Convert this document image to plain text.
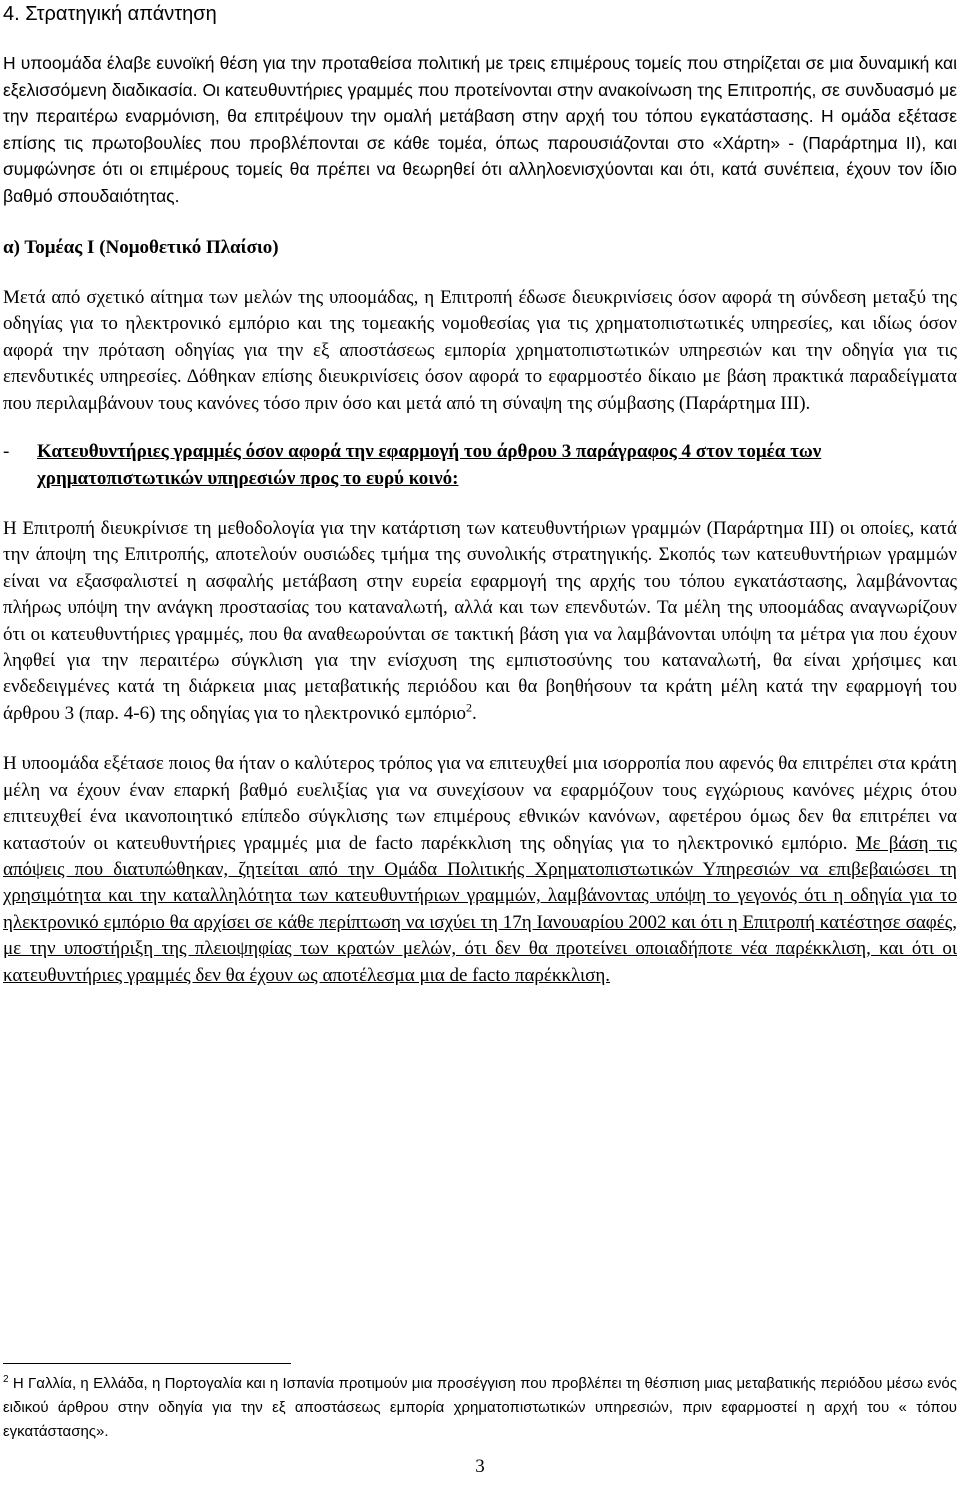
4. Στρατηγική απάντηση

Η υποομάδα έλαβε ευνοϊκή θέση για την προταθείσα πολιτική με τρεις επιμέρους τομείς που στηρίζεται σε μια δυναμική και εξελισσόμενη διαδικασία. Οι κατευθυντήριες γραμμές που προτείνονται στην ανακοίνωση της Επιτροπής, σε συνδυασμό με την περαιτέρω εναρμόνιση, θα επιτρέψουν την ομαλή μετάβαση στην αρχή του τόπου εγκατάστασης. Η ομάδα εξέτασε επίσης τις πρωτοβουλίες που προβλέπονται σε κάθε τομέα, όπως παρουσιάζονται στο «Χάρτη» - (Παράρτημα II), και συμφώνησε ότι οι επιμέρους τομείς θα πρέπει να θεωρηθεί ότι αλληλοενισχύονται και ότι, κατά συνέπεια, έχουν τον ίδιο βαθμό σπουδαιότητας.

α) Τομέας Ι (Νομοθετικό Πλαίσιο)

Μετά από σχετικό αίτημα των μελών της υποομάδας, η Επιτροπή έδωσε διευκρινίσεις όσον αφορά τη σύνδεση μεταξύ της οδηγίας για το ηλεκτρονικό εμπόριο και της τομεακής νομοθεσίας για τις χρηματοπιστωτικές υπηρεσίες, και ιδίως όσον αφορά την πρόταση οδηγίας για την εξ αποστάσεως εμπορία χρηματοπιστωτικών υπηρεσιών και την οδηγία για τις επενδυτικές υπηρεσίες. Δόθηκαν επίσης διευκρινίσεις όσον αφορά το εφαρμοστέο δίκαιο με βάση πρακτικά παραδείγματα που περιλαμβάνουν τους κανόνες τόσο πριν όσο και μετά από τη σύναψη της σύμβασης (Παράρτημα III).

- Κατευθυντήριες γραμμές όσον αφορά την εφαρμογή του άρθρου 3 παράγραφος 4 στον τομέα των χρηματοπιστωτικών υπηρεσιών προς το ευρύ κοινό:

Η Επιτροπή διευκρίνισε τη μεθοδολογία για την κατάρτιση των κατευθυντήριων γραμμών (Παράρτημα III) οι οποίες, κατά την άποψη της Επιτροπής, αποτελούν ουσιώδες τμήμα της συνολικής στρατηγικής. Σκοπός των κατευθυντήριων γραμμών είναι να εξασφαλιστεί η ασφαλής μετάβαση στην ευρεία εφαρμογή της αρχής του τόπου εγκατάστασης, λαμβάνοντας πλήρως υπόψη την ανάγκη προστασίας του καταναλωτή, αλλά και των επενδυτών. Τα μέλη της υποομάδας αναγνωρίζουν ότι οι κατευθυντήριες γραμμές, που θα αναθεωρούνται σε τακτική βάση για να λαμβάνονται υπόψη τα μέτρα για που έχουν ληφθεί για την περαιτέρω σύγκλιση για την ενίσχυση της εμπιστοσύνης του καταναλωτή, θα είναι χρήσιμες και ενδεδειγμένες κατά τη διάρκεια μιας μεταβατικής περιόδου και θα βοηθήσουν τα κράτη μέλη κατά την εφαρμογή του άρθρου 3 (παρ. 4-6) της οδηγίας για το ηλεκτρονικό εμπόριο$^2$.

Η υποομάδα εξέτασε ποιος θα ήταν ο καλύτερος τρόπος για να επιτευχθεί μια ισορροπία που αφενός θα επιτρέπει στα κράτη μέλη να έχουν έναν επαρκή βαθμό ευελιξίας για να συνεχίσουν να εφαρμόζουν τους εγχώριους κανόνες μέχρις ότου επιτευχθεί ένα ικανοποιητικό επίπεδο σύγκλισης των επιμέρους εθνικών κανόνων, αφετέρου όμως δεν θα επιτρέπει να καταστούν οι κατευθυντήριες γραμμές μια de facto παρέκκλιση της οδηγίας για το ηλεκτρονικό εμπόριο. Με βάση τις απόψεις που διατυπώθηκαν, ζητείται από την Ομάδα Πολιτικής Χρηματοπιστωτικών Υπηρεσιών να επιβεβαιώσει τη χρησιμότητα και την καταλληλότητα των κατευθυντήριων γραμμών, λαμβάνοντας υπόψη το γεγονός ότι η οδηγία για το ηλεκτρονικό εμπόριο θα αρχίσει σε κάθε περίπτωση να ισχύει τη 17η Ιανουαρίου 2002 και ότι η Επιτροπή κατέστησε σαφές, με την υποστήριξη της πλειοψηφίας των κρατών μελών, ότι δεν θα προτείνει οποιαδήποτε νέα παρέκκλιση, και ότι οι κατευθυντήριες γραμμές δεν θα έχουν ως αποτέλεσμα μια de facto παρέκκλιση.

$^2$ Η Γαλλία, η Ελλάδα, η Πορτογαλία και η Ισπανία προτιμούν μια προσέγγιση που προβλέπει τη θέσπιση μιας μεταβατικής περιόδου μέσω ενός ειδικού άρθρου στην οδηγία για την εξ αποστάσεως εμπορία χρηματοπιστωτικών υπηρεσιών, πριν εφαρμοστεί η αρχή του « τόπου εγκατάστασης».
3
